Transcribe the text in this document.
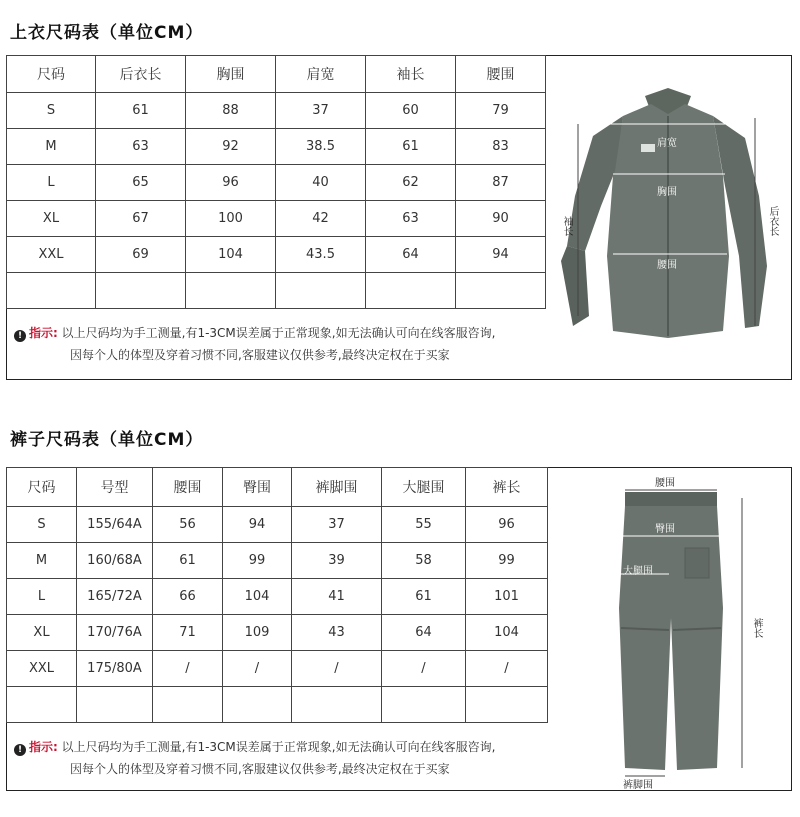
上衣尺码表（单位CM）
尺码	后衣长	胸围	肩宽	袖长	腰围
S	61	88	37	60	79
M	63	92	38.5	61	83
L	65	96	40	62	87
XL	67	100	42	63	90
XXL	69	104	43.5	64	94

! 指示: 以上尺码均为手工测量,有1-3CM误差属于正常现象,如无法确认可向在线客服咨询,
因每个人的体型及穿着习惯不同,客服建议仅供参考,最终决定权在于买家
肩宽
胸围
腰围
袖长	后衣长
裤子尺码表（单位CM）
尺码	号型	腰围	臀围	裤脚围	大腿围	裤长
S	155/64A	56	94	37	55	96
M	160/68A	61	99	39	58	99
L	165/72A	66	104	41	61	101
XL	170/76A	71	109	43	64	104
XXL	175/80A	/	/	/	/	/

! 指示: 以上尺码均为手工测量,有1-3CM误差属于正常现象,如无法确认可向在线客服咨询,
因每个人的体型及穿着习惯不同,客服建议仅供参考,最终决定权在于买家
腰围
臀围
大腿围
裤长
裤脚围
